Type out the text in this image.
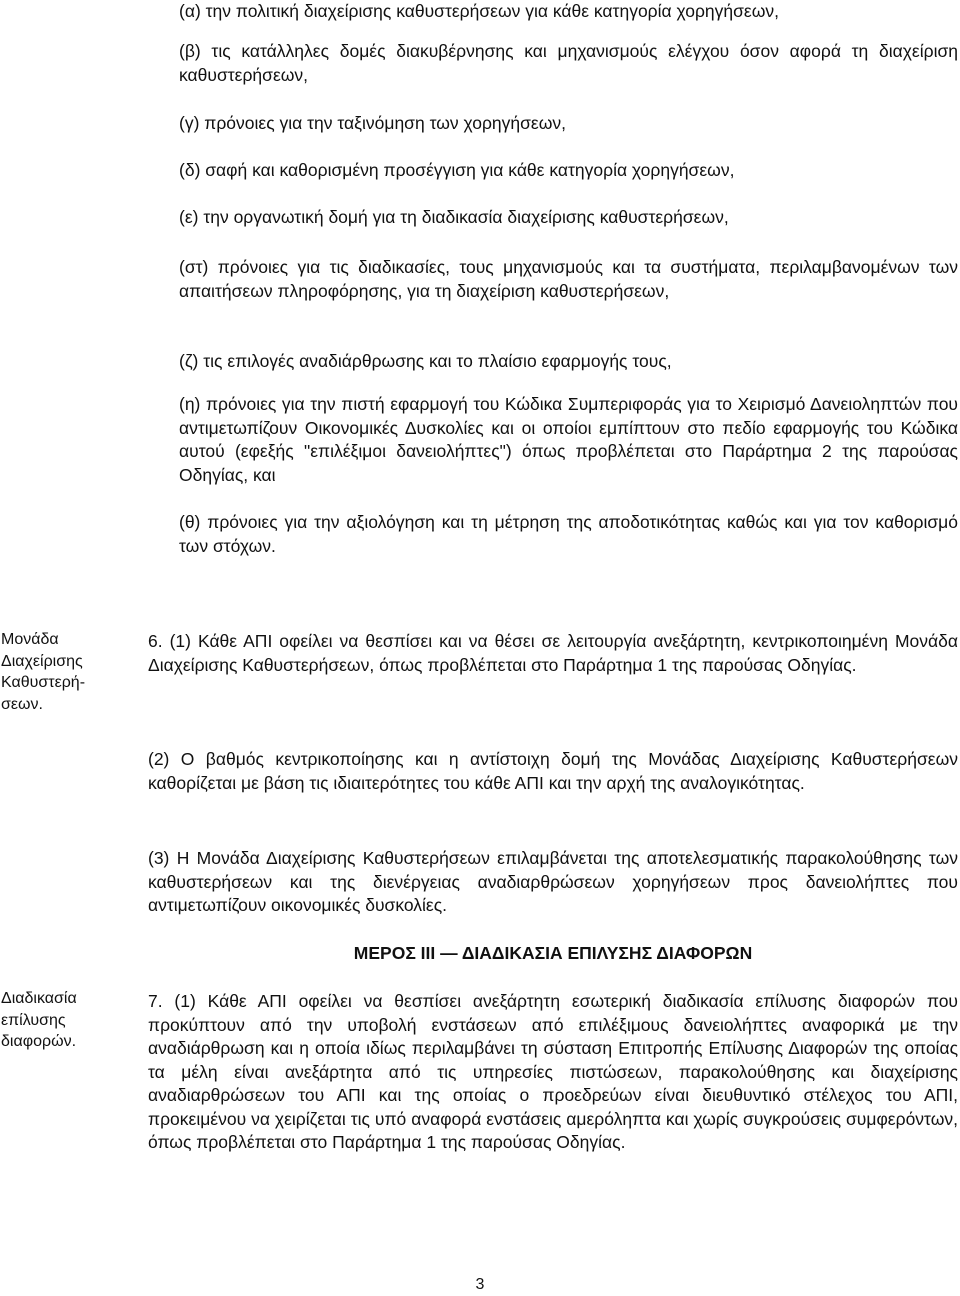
(α) την πολιτική διαχείρισης καθυστερήσεων για κάθε κατηγορία χορηγήσεων,

(β) τις κατάλληλες δομές διακυβέρνησης και μηχανισμούς ελέγχου όσον αφορά τη διαχείριση καθυστερήσεων,

(γ) πρόνοιες για την ταξινόμηση των χορηγήσεων,

(δ) σαφή και καθορισμένη προσέγγιση για κάθε κατηγορία χορηγήσεων,

(ε) την οργανωτική δομή για τη διαδικασία διαχείρισης καθυστερήσεων,

(στ) πρόνοιες για τις διαδικασίες, τους μηχανισμούς και τα συστήματα, περιλαμβανομένων των απαιτήσεων πληροφόρησης, για τη διαχείριση καθυστερήσεων,

(ζ) τις επιλογές αναδιάρθρωσης και το πλαίσιο εφαρμογής τους,

(η) πρόνοιες για την πιστή εφαρμογή του Κώδικα Συμπεριφοράς για το Χειρισμό Δανειοληπτών που αντιμετωπίζουν Οικονομικές Δυσκολίες και οι οποίοι εμπίπτουν στο πεδίο εφαρμογής του Κώδικα αυτού (εφεξής "επιλέξιμοι δανειολήπτες") όπως προβλέπεται στο Παράρτημα 2 της παρούσας Οδηγίας, και

(θ) πρόνοιες για την αξιολόγηση και τη μέτρηση της αποδοτικότητας καθώς και για τον καθορισμό των στόχων.

Μονάδα
Διαχείρισης
Καθυστερή-
σεων.

6. (1) Κάθε ΑΠΙ οφείλει να θεσπίσει και να θέσει σε λειτουργία ανεξάρτητη, κεντρικοποιημένη Μονάδα Διαχείρισης Καθυστερήσεων, όπως προβλέπεται στο Παράρτημα 1 της παρούσας Οδηγίας.

(2) Ο βαθμός κεντρικοποίησης και η αντίστοιχη δομή της Μονάδας Διαχείρισης Καθυστερήσεων καθορίζεται με βάση τις ιδιαιτερότητες του κάθε ΑΠΙ και την αρχή της αναλογικότητας.

(3) Η Μονάδα Διαχείρισης Καθυστερήσεων επιλαμβάνεται της αποτελεσματικής παρακολούθησης των καθυστερήσεων και της διενέργειας αναδιαρθρώσεων χορηγήσεων προς δανειολήπτες που αντιμετωπίζουν οικονομικές δυσκολίες.

ΜΕΡΟΣ ΙΙΙ — ΔΙΑΔΙΚΑΣΙΑ ΕΠΙΛΥΣΗΣ ΔΙΑΦΟΡΩΝ

Διαδικασία
επίλυσης
διαφορών.

7. (1) Κάθε ΑΠΙ οφείλει να θεσπίσει ανεξάρτητη εσωτερική διαδικασία επίλυσης διαφορών που προκύπτουν από την υποβολή ενστάσεων από επιλέξιμους δανειολήπτες αναφορικά με την αναδιάρθρωση και η οποία ιδίως περιλαμβάνει τη σύσταση Επιτροπής Επίλυσης Διαφορών της οποίας τα μέλη είναι ανεξάρτητα από τις υπηρεσίες πιστώσεων, παρακολούθησης και διαχείρισης αναδιαρθρώσεων του ΑΠΙ και της οποίας ο προεδρεύων είναι διευθυντικό στέλεχος του ΑΠΙ, προκειμένου να χειρίζεται τις υπό αναφορά ενστάσεις αμερόληπτα και χωρίς συγκρούσεις συμφερόντων, όπως προβλέπεται στο Παράρτημα 1 της παρούσας Οδηγίας.

3
